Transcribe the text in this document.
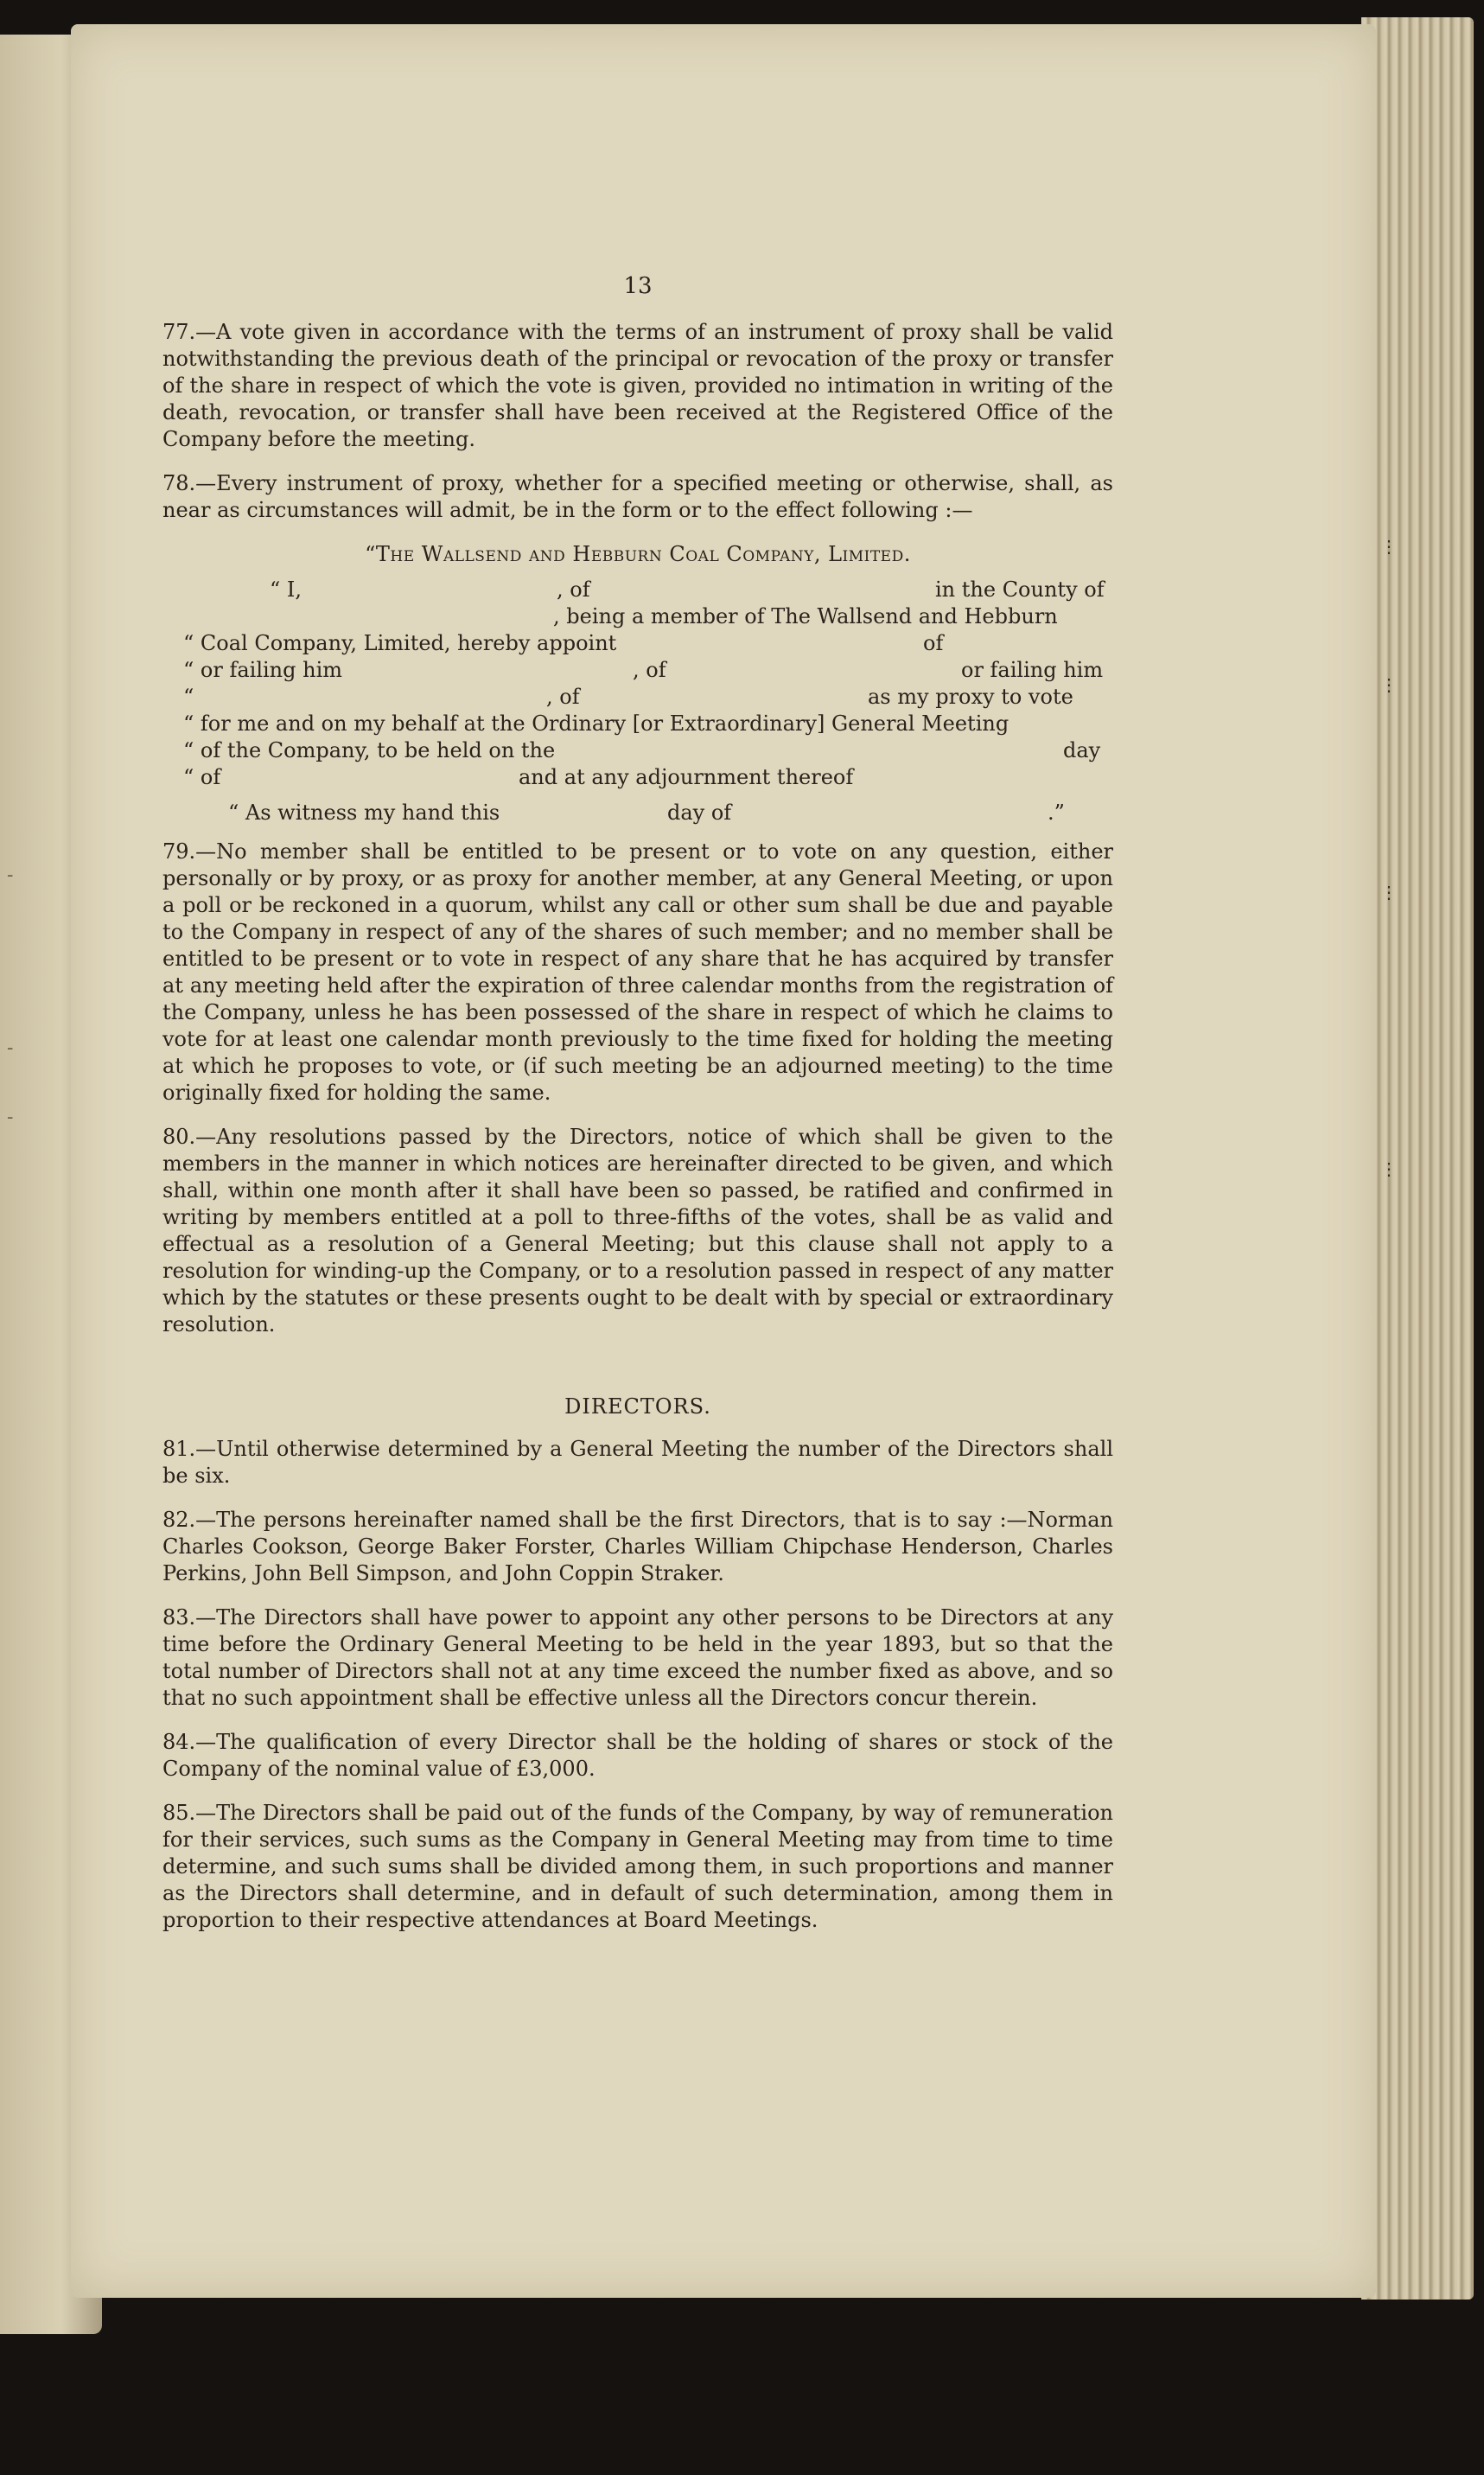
-
-
-
⋮
⋮
⋮
⋮
13

77.—A vote given in accordance with the terms of an instrument of proxy shall be valid notwithstanding the previous death of the principal or revocation of the proxy or transfer of the share in respect of which the vote is given, provided no intimation in writing of the death, revocation, or transfer shall have been received at the Registered Office of the Company before the meeting.

78.—Every instrument of proxy, whether for a specified meeting or otherwise, shall, as near as circumstances will admit, be in the form or to the effect following :—

“The Wallsend and Hebburn Coal Company, Limited.
“ I,	, of	in the County of
, being a member of The Wallsend and Hebburn
“ Coal Company, Limited, hereby appoint	of
“ or failing him	, of	or failing him
“	, of	as my proxy to vote
“ for me and on my behalf at the Ordinary [or Extraordinary] General Meeting
“ of the Company, to be held on the	day
“ of	and at any adjournment thereof
“ As witness my hand this	day of	.”

79.—No member shall be entitled to be present or to vote on any question, either personally or by proxy, or as proxy for another member, at any General Meeting, or upon a poll or be reckoned in a quorum, whilst any call or other sum shall be due and payable to the Company in respect of any of the shares of such member; and no member shall be entitled to be present or to vote in respect of any share that he has acquired by transfer at any meeting held after the expiration of three calendar months from the registration of the Company, unless he has been possessed of the share in respect of which he claims to vote for at least one calendar month previously to the time fixed for holding the meeting at which he proposes to vote, or (if such meeting be an adjourned meeting) to the time originally fixed for holding the same.

80.—Any resolutions passed by the Directors, notice of which shall be given to the members in the manner in which notices are hereinafter directed to be given, and which shall, within one month after it shall have been so passed, be ratified and confirmed in writing by members entitled at a poll to three-fifths of the votes, shall be as valid and effectual as a resolution of a General Meeting; but this clause shall not apply to a resolution for winding-up the Company, or to a resolution passed in respect of any matter which by the statutes or these presents ought to be dealt with by special or extraordinary resolution.

DIRECTORS.

81.—Until otherwise determined by a General Meeting the number of the Directors shall be six.

82.—The persons hereinafter named shall be the first Directors, that is to say :—Norman Charles Cookson, George Baker Forster, Charles William Chipchase Henderson, Charles Perkins, John Bell Simpson, and John Coppin Straker.

83.—The Directors shall have power to appoint any other persons to be Directors at any time before the Ordinary General Meeting to be held in the year 1893, but so that the total number of Directors shall not at any time exceed the number fixed as above, and so that no such appointment shall be effective unless all the Directors concur therein.

84.—The qualification of every Director shall be the holding of shares or stock of the Company of the nominal value of £3,000.

85.—The Directors shall be paid out of the funds of the Company, by way of remuneration for their services, such sums as the Company in General Meeting may from time to time determine, and such sums shall be divided among them, in such proportions and manner as the Directors shall determine, and in default of such determination, among them in proportion to their respective attendances at Board Meetings.
